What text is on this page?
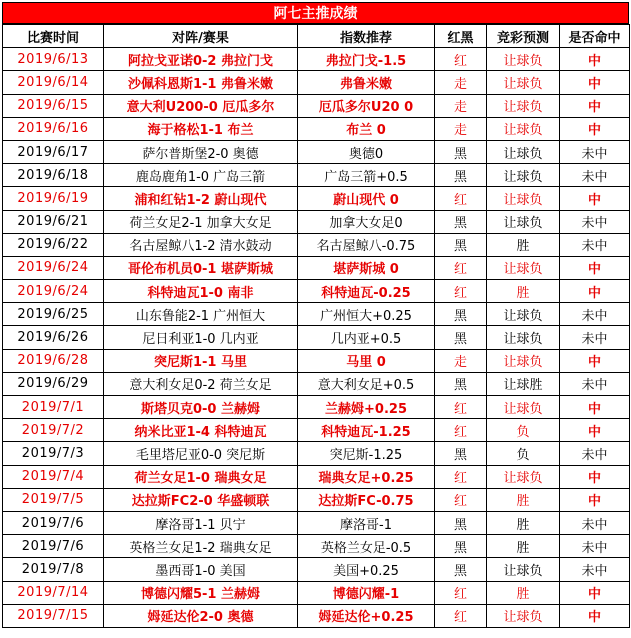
阿七主推成绩
比赛时间	对阵/赛果	指数推荐	红黑	竞彩预测	是否命中
2019/6/13	阿拉戈亚诺0-2 弗拉门戈	弗拉门戈-1.5	红	让球负	中
2019/6/14	沙佩科恩斯1-1 弗鲁米嫩	弗鲁米嫩	走	让球负	中
2019/6/15	意大利U200-0 厄瓜多尔	厄瓜多尔U20 0	走	让球负	中
2019/6/16	海于格松1-1 布兰	布兰 0	走	让球负	中
2019/6/17	萨尔普斯堡2-0 奥德	奥德0	黑	让球负	未中
2019/6/18	鹿岛鹿角1-0 广岛三箭	广岛三箭+0.5	黑	让球负	未中
2019/6/19	浦和红钻1-2 蔚山现代	蔚山现代 0	红	让球负	中
2019/6/21	荷兰女足2-1 加拿大女足	加拿大女足0	黑	让球负	未中
2019/6/22	名古屋鲸八1-2 清水鼓动	名古屋鲸八-0.75	黑	胜	未中
2019/6/24	哥伦布机员0-1 堪萨斯城	堪萨斯城 0	红	让球负	中
2019/6/24	科特迪瓦1-0 南非	科特迪瓦-0.25	红	胜	中
2019/6/25	山东鲁能2-1 广州恒大	广州恒大+0.25	黑	让球负	未中
2019/6/26	尼日利亚1-0 几内亚	几内亚+0.5	黑	让球负	未中
2019/6/28	突尼斯1-1 马里	马里 0	走	让球负	中
2019/6/29	意大利女足0-2 荷兰女足	意大利女足+0.5	黑	让球胜	未中
2019/7/1	斯塔贝克0-0 兰赫姆	兰赫姆+0.25	红	让球负	中
2019/7/2	纳米比亚1-4 科特迪瓦	科特迪瓦-1.25	红	负	中
2019/7/3	毛里塔尼亚0-0 突尼斯	突尼斯-1.25	黑	负	未中
2019/7/4	荷兰女足1-0 瑞典女足	瑞典女足+0.25	红	让球负	中
2019/7/5	达拉斯FC2-0 华盛顿联	达拉斯FC-0.75	红	胜	中
2019/7/6	摩洛哥1-1 贝宁	摩洛哥-1	黑	胜	未中
2019/7/6	英格兰女足1-2 瑞典女足	英格兰女足-0.5	黑	胜	未中
2019/7/8	墨西哥1-0 美国	美国+0.25	黑	让球负	未中
2019/7/14	博德闪耀5-1 兰赫姆	博德闪耀-1	红	胜	中
2019/7/15	姆延达伦2-0 奥德	姆延达伦+0.25	红	让球负	中
